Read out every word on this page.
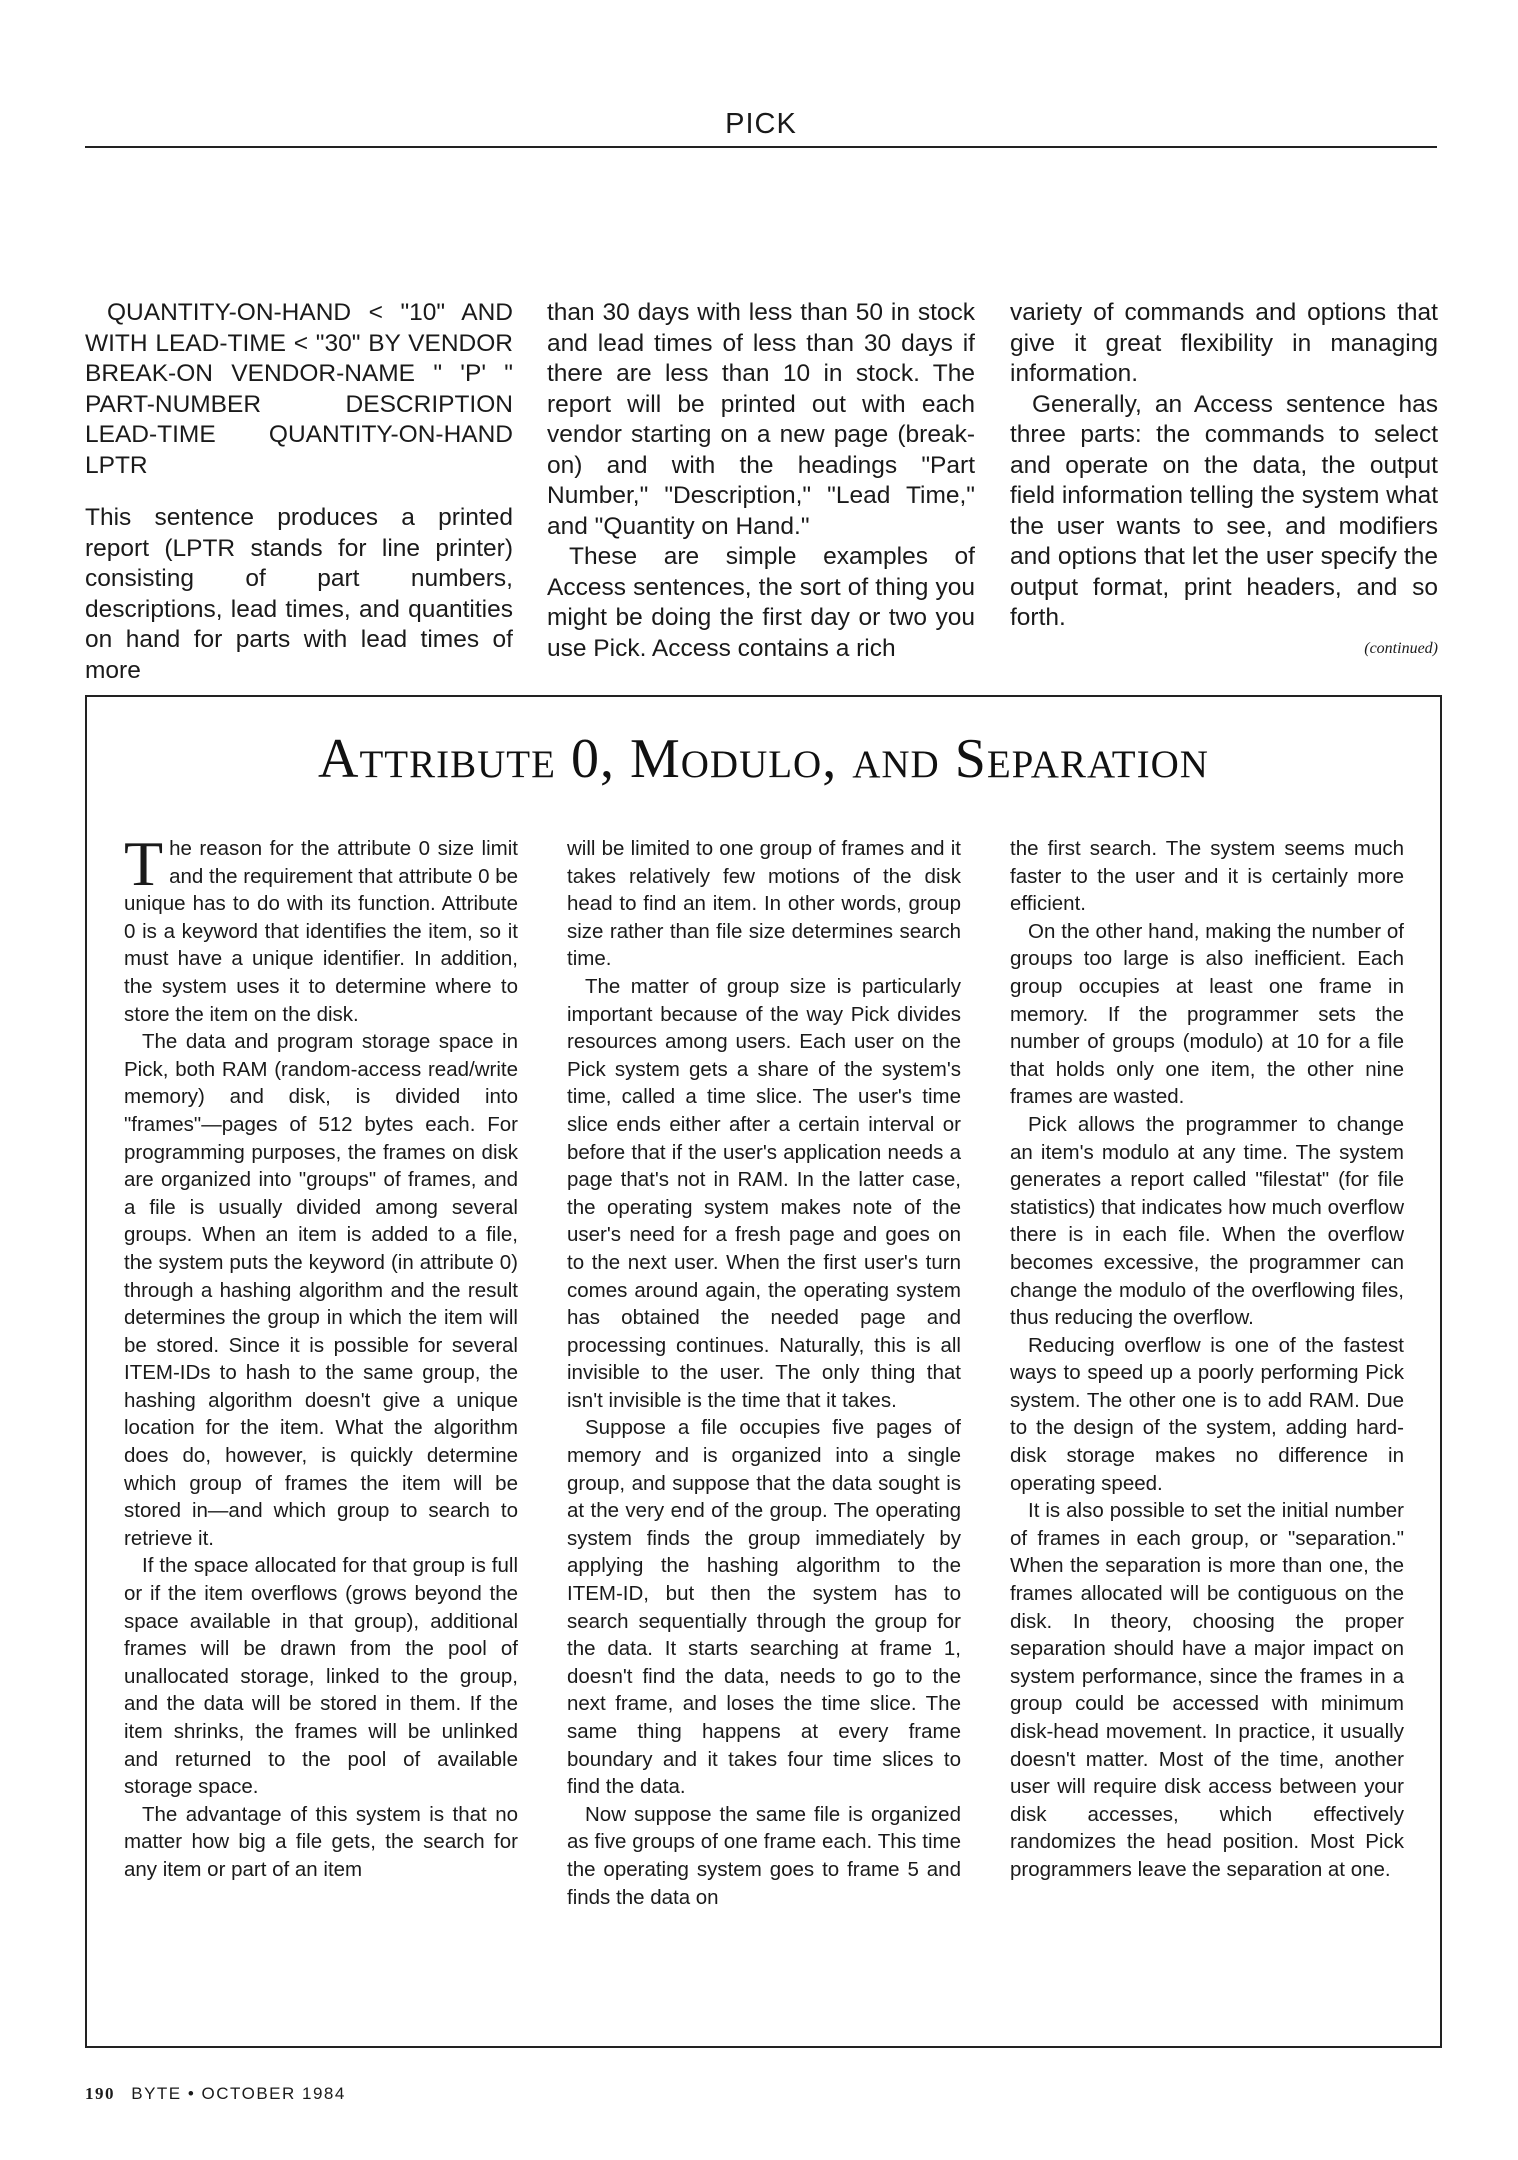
PICK

QUANTITY-ON-HAND < "10" AND WITH LEAD-TIME < "30" BY VENDOR BREAK-ON VENDOR-NAME " 'P' " PART-NUMBER DESCRIPTION LEAD-TIME QUANTITY-ON-HAND LPTR

This sentence produces a printed report (LPTR stands for line printer) consisting of part numbers, descriptions, lead times, and quantities on hand for parts with lead times of more

than 30 days with less than 50 in stock and lead times of less than 30 days if there are less than 10 in stock. The report will be printed out with each vendor starting on a new page (break-on) and with the headings "Part Number," "Description," "Lead Time," and "Quantity on Hand."

These are simple examples of Access sentences, the sort of thing you might be doing the first day or two you use Pick. Access contains a rich

variety of commands and options that give it great flexibility in managing information.

Generally, an Access sentence has three parts: the commands to select and operate on the data, the output field information telling the system what the user wants to see, and modifiers and options that let the user specify the output format, print headers, and so forth.

(continued)
Attribute 0, Modulo, and Separation

The reason for the attribute 0 size limit and the requirement that attribute 0 be unique has to do with its function. Attribute 0 is a keyword that identifies the item, so it must have a unique identifier. In addition, the system uses it to determine where to store the item on the disk.

The data and program storage space in Pick, both RAM (random-access read/write memory) and disk, is divided into "frames"—pages of 512 bytes each. For programming purposes, the frames on disk are organized into "groups" of frames, and a file is usually divided among several groups. When an item is added to a file, the system puts the keyword (in attribute 0) through a hashing algorithm and the result determines the group in which the item will be stored. Since it is possible for several ITEM-IDs to hash to the same group, the hashing algorithm doesn't give a unique location for the item. What the algorithm does do, however, is quickly determine which group of frames the item will be stored in—and which group to search to retrieve it.

If the space allocated for that group is full or if the item overflows (grows beyond the space available in that group), additional frames will be drawn from the pool of unallocated storage, linked to the group, and the data will be stored in them. If the item shrinks, the frames will be unlinked and returned to the pool of available storage space.

The advantage of this system is that no matter how big a file gets, the search for any item or part of an item

will be limited to one group of frames and it takes relatively few motions of the disk head to find an item. In other words, group size rather than file size determines search time.

The matter of group size is particularly important because of the way Pick divides resources among users. Each user on the Pick system gets a share of the system's time, called a time slice. The user's time slice ends either after a certain interval or before that if the user's application needs a page that's not in RAM. In the latter case, the operating system makes note of the user's need for a fresh page and goes on to the next user. When the first user's turn comes around again, the operating system has obtained the needed page and processing continues. Naturally, this is all invisible to the user. The only thing that isn't invisible is the time that it takes.

Suppose a file occupies five pages of memory and is organized into a single group, and suppose that the data sought is at the very end of the group. The operating system finds the group immediately by applying the hashing algorithm to the ITEM-ID, but then the system has to search sequentially through the group for the data. It starts searching at frame 1, doesn't find the data, needs to go to the next frame, and loses the time slice. The same thing happens at every frame boundary and it takes four time slices to find the data.

Now suppose the same file is organized as five groups of one frame each. This time the operating system goes to frame 5 and finds the data on

the first search. The system seems much faster to the user and it is certainly more efficient.

On the other hand, making the number of groups too large is also inefficient. Each group occupies at least one frame in memory. If the programmer sets the number of groups (modulo) at 10 for a file that holds only one item, the other nine frames are wasted.

Pick allows the programmer to change an item's modulo at any time. The system generates a report called "filestat" (for file statistics) that indicates how much overflow there is in each file. When the overflow becomes excessive, the programmer can change the modulo of the overflowing files, thus reducing the overflow.

Reducing overflow is one of the fastest ways to speed up a poorly performing Pick system. The other one is to add RAM. Due to the design of the system, adding hard-disk storage makes no difference in operating speed.

It is also possible to set the initial number of frames in each group, or "separation." When the separation is more than one, the frames allocated will be contiguous on the disk. In theory, choosing the proper separation should have a major impact on system performance, since the frames in a group could be accessed with minimum disk-head movement. In practice, it usually doesn't matter. Most of the time, another user will require disk access between your disk accesses, which effectively randomizes the head position. Most Pick programmers leave the separation at one.

190 BYTE • OCTOBER 1984
